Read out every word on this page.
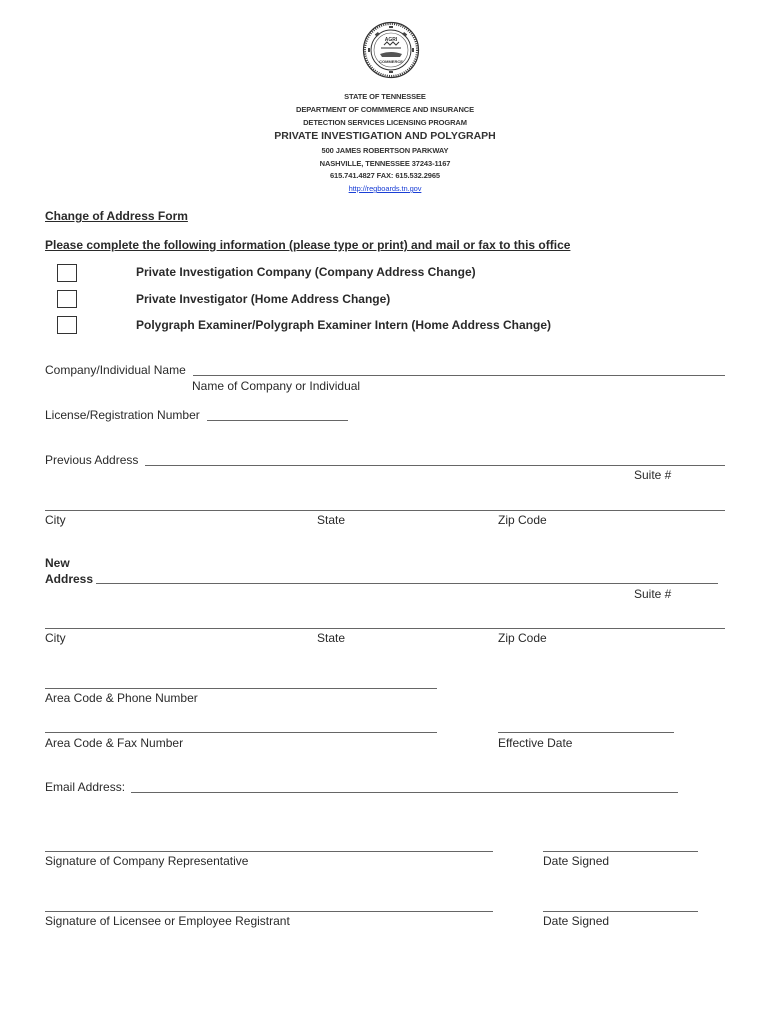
AGRI
COMMERCE
STATE OF TENNESSEE
DEPARTMENT OF COMMMERCE AND INSURANCE
DETECTION SERVICES LICENSING PROGRAM
PRIVATE INVESTIGATION AND POLYGRAPH
500 JAMES ROBERTSON PARKWAY
NASHVILLE, TENNESSEE 37243-1167
615.741.4827 FAX: 615.532.2965
http://regboards.tn.gov
Change of Address Form
Please complete the following information (please type or print) and mail or fax to this office
Private Investigation Company (Company Address Change)
Private Investigator (Home Address Change)
Polygraph Examiner/Polygraph Examiner Intern (Home Address Change)
Company/Individual Name
Name of Company or Individual
License/Registration Number
Previous Address
Suite #
City	State	Zip Code
New
Address
Suite #
City	State	Zip Code
Area Code & Phone Number
Area Code & Fax Number	Effective Date
Email Address:
Signature of Company Representative	Date Signed
Signature of Licensee or Employee Registrant	Date Signed
